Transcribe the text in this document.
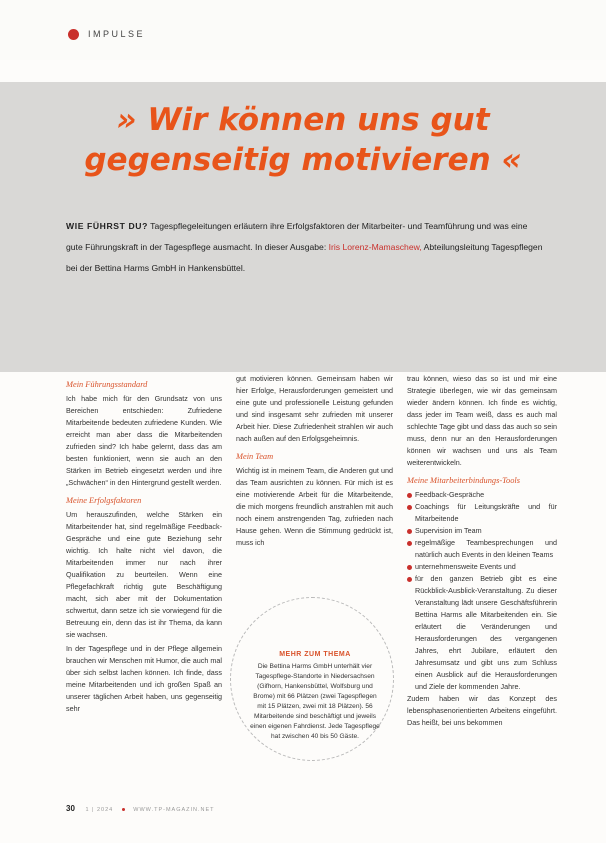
IMPULSE
» Wir können uns gut
gegenseitig motivieren «
WIE FÜHRST DU? Tagespflegeleitungen erläutern ihre Erfolgsfaktoren der Mitarbeiter- und Teamführung und was eine gute Führungskraft in der Tagespflege ausmacht. In dieser Ausgabe: Iris Lorenz-Mamaschew, Abteilungsleitung Tagespflegen bei der Bettina Harms GmbH in Hankensbüttel.
Mein Führungsstandard

Ich habe mich für den Grundsatz von uns Bereichen entschieden: Zufriedene Mitarbeitende bedeuten zufriedene Kunden. Wie erreicht man aber dass die Mitarbeitenden zufrieden sind? Ich habe gelernt, dass das am besten funktioniert, wenn sie auch an den Stärken im Betrieb eingesetzt werden und ihre „Schwächen“ in den Hintergrund gestellt werden.

Meine Erfolgsfaktoren

Um herauszufinden, welche Stärken ein Mitarbeitender hat, sind regelmäßige Feedback-Gespräche und eine gute Beziehung sehr wichtig. Ich halte nicht viel davon, die Mitarbeitenden immer nur nach ihrer Qualifikation zu beurteilen. Wenn eine Pflegefachkraft richtig gute Beschäftigung macht, sich aber mit der Dokumentation schwertut, dann setze ich sie vorwiegend für die Betreuung ein, denn das ist ihr Thema, da kann sie wachsen.

In der Tagespflege und in der Pflege allgemein brauchen wir Menschen mit Humor, die auch mal über sich selbst lachen können. Ich finde, dass meine Mitarbeitenden und ich großen Spaß an unserer täglichen Arbeit haben, uns gegenseitig sehr

gut motivieren können. Gemeinsam haben wir hier Erfolge, Herausforderungen gemeistert und eine gute und professionelle Leistung gefunden und sind insgesamt sehr zufrieden mit unserer Arbeit hier. Diese Zufriedenheit strahlen wir auch nach außen auf den Erfolgsgeheimnis.

Mein Team

Wichtig ist in meinem Team, die Anderen gut und das Team ausrichten zu können. Für mich ist es eine motivierende Arbeit für die Mitarbeitende, die mich morgens freundlich anstrahlen mit auch noch einem anstrengenden Tag, zufrieden nach Hause gehen. Wenn die Stimmung gedrückt ist, muss ich

MEHR ZUM THEMA
Die Bettina Harms GmbH unterhält vier Tagespflege-Standorte in Niedersachsen (Gifhorn, Hankensbüttel, Wolfsburg und Brome) mit 66 Plätzen (zwei Tagespflegen mit 15 Plätzen, zwei mit 18 Plätzen). 56 Mitarbeitende sind beschäftigt und jeweils einen eigenen Fahrdienst. Jede Tagespflege hat zwischen 40 bis 50 Gäste.

trau können, wieso das so ist und mir eine Strategie überlegen, wie wir das gemeinsam wieder ändern können. Ich finde es wichtig, dass jeder im Team weiß, dass es auch mal schlechte Tage gibt und dass das auch so sein muss, denn nur an den Herausforderungen können wir wachsen und uns als Team weiterentwickeln.

Meine Mitarbeiterbindungs-Tools
Feedback-Gespräche
Coachings für Leitungskräfte und für Mitarbeitende
Supervision im Team
regelmäßige Teambesprechungen und natürlich auch Events in den kleinen Teams
unternehmensweite Events und
für den ganzen Betrieb gibt es eine Rückblick-Ausblick-Veranstaltung. Zu dieser Veranstaltung lädt unsere Geschäftsführerin Bettina Harms alle Mitarbeitenden ein. Sie erläutert die Veränderungen und Herausforderungen des vergangenen Jahres, ehrt Jubilare, erläutert den Jahresumsatz und gibt uns zum Schluss einen Ausblick auf die Herausforderungen und Ziele der kommenden Jahre.

Zudem haben wir das Konzept des lebensphasenorientierten Arbeitens eingeführt. Das heißt, bei uns bekommen

30 1 | 2024	WWW.TP-MAGAZIN.NET
